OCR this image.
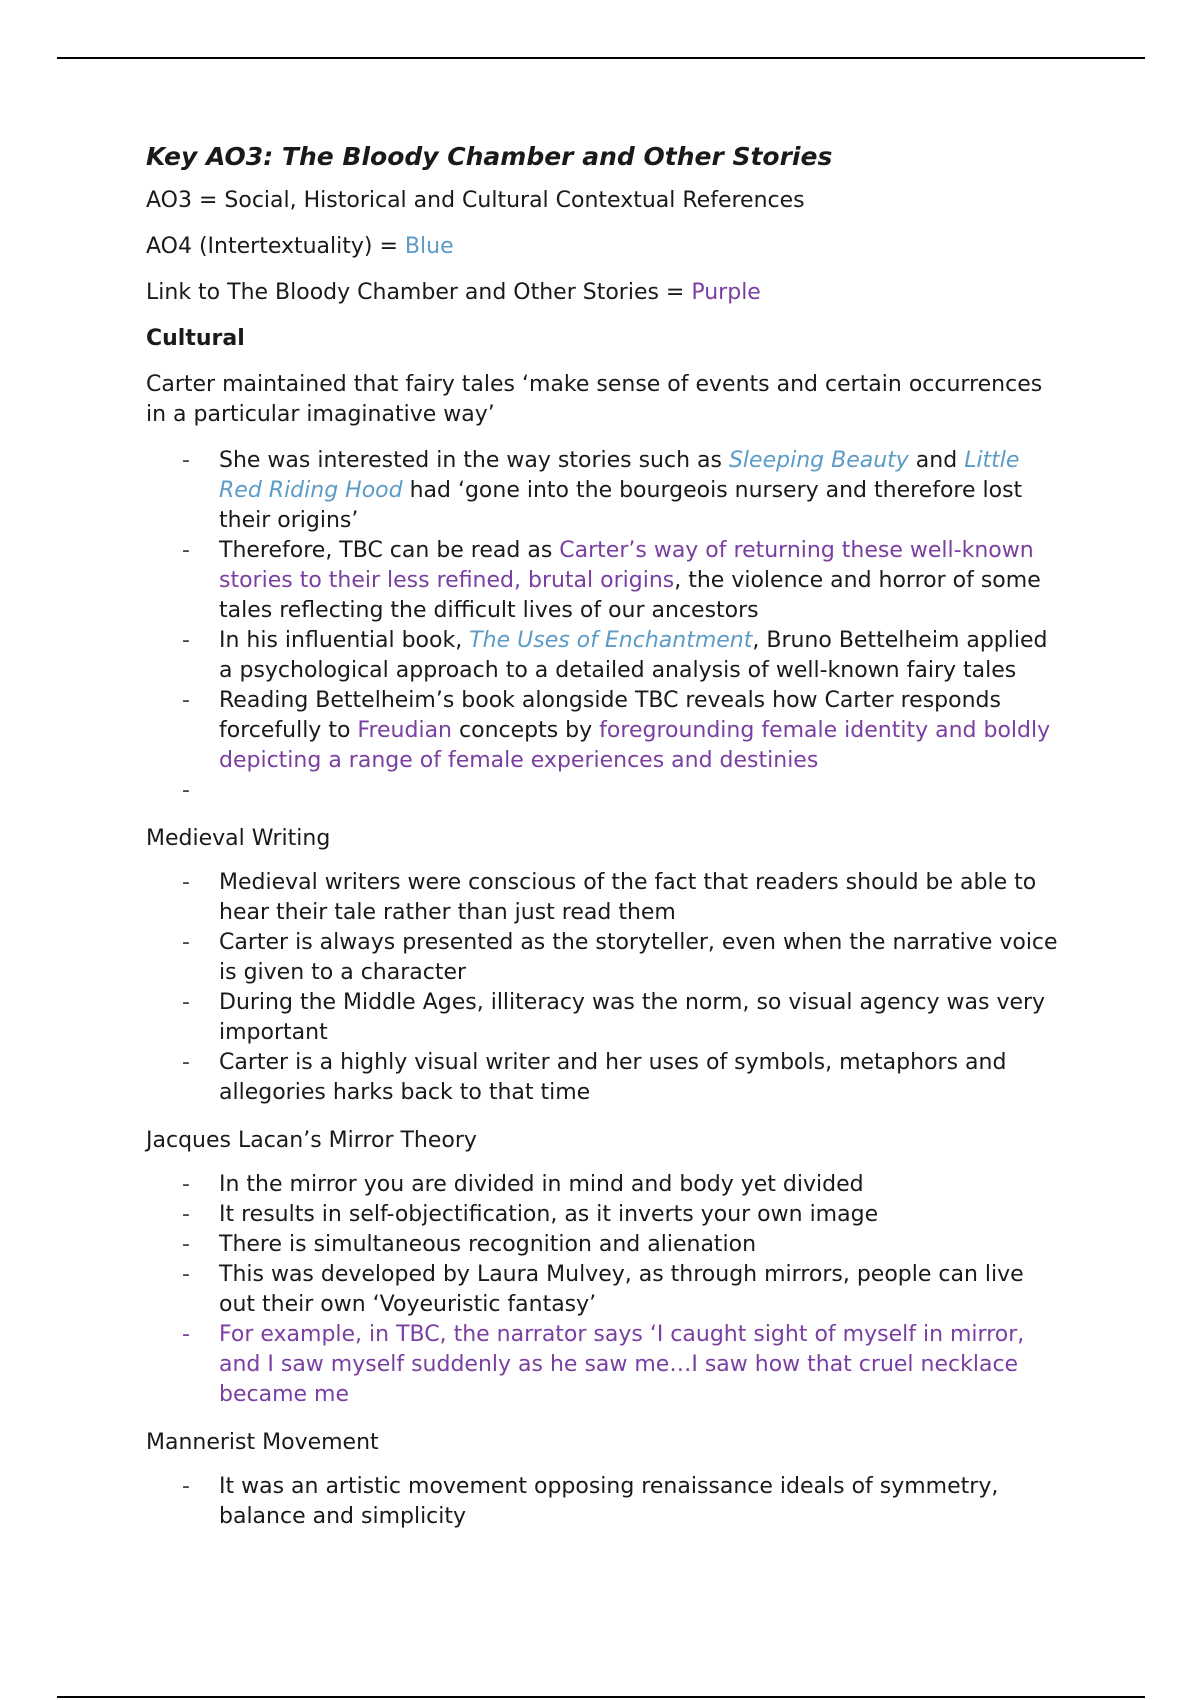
Key AO3: The Bloody Chamber and Other Stories
AO3 = Social, Historical and Cultural Contextual References
AO4 (Intertextuality) = Blue
Link to The Bloody Chamber and Other Stories = Purple
Cultural
Carter maintained that fairy tales ‘make sense of events and certain occurrences in a particular imaginative way’
- She was interested in the way stories such as Sleeping Beauty and Little Red Riding Hood had ‘gone into the bourgeois nursery and therefore lost their origins’
- Therefore, TBC can be read as Carter’s way of returning these well-known stories to their less refined, brutal origins, the violence and horror of some tales reflecting the difficult lives of our ancestors
- In his influential book, The Uses of Enchantment, Bruno Bettelheim applied a psychological approach to a detailed analysis of well-known fairy tales
- Reading Bettelheim’s book alongside TBC reveals how Carter responds forcefully to Freudian concepts by foregrounding female identity and boldly depicting a range of female experiences and destinies
-
Medieval Writing
- Medieval writers were conscious of the fact that readers should be able to hear their tale rather than just read them
- Carter is always presented as the storyteller, even when the narrative voice is given to a character
- During the Middle Ages, illiteracy was the norm, so visual agency was very important
- Carter is a highly visual writer and her uses of symbols, metaphors and allegories harks back to that time
Jacques Lacan’s Mirror Theory
- In the mirror you are divided in mind and body yet divided
- It results in self-objectification, as it inverts your own image
- There is simultaneous recognition and alienation
- This was developed by Laura Mulvey, as through mirrors, people can live out their own ‘Voyeuristic fantasy’
- For example, in TBC, the narrator says ‘I caught sight of myself in mirror, and I saw myself suddenly as he saw me…I saw how that cruel necklace became me
Mannerist Movement
- It was an artistic movement opposing renaissance ideals of symmetry, balance and simplicity
